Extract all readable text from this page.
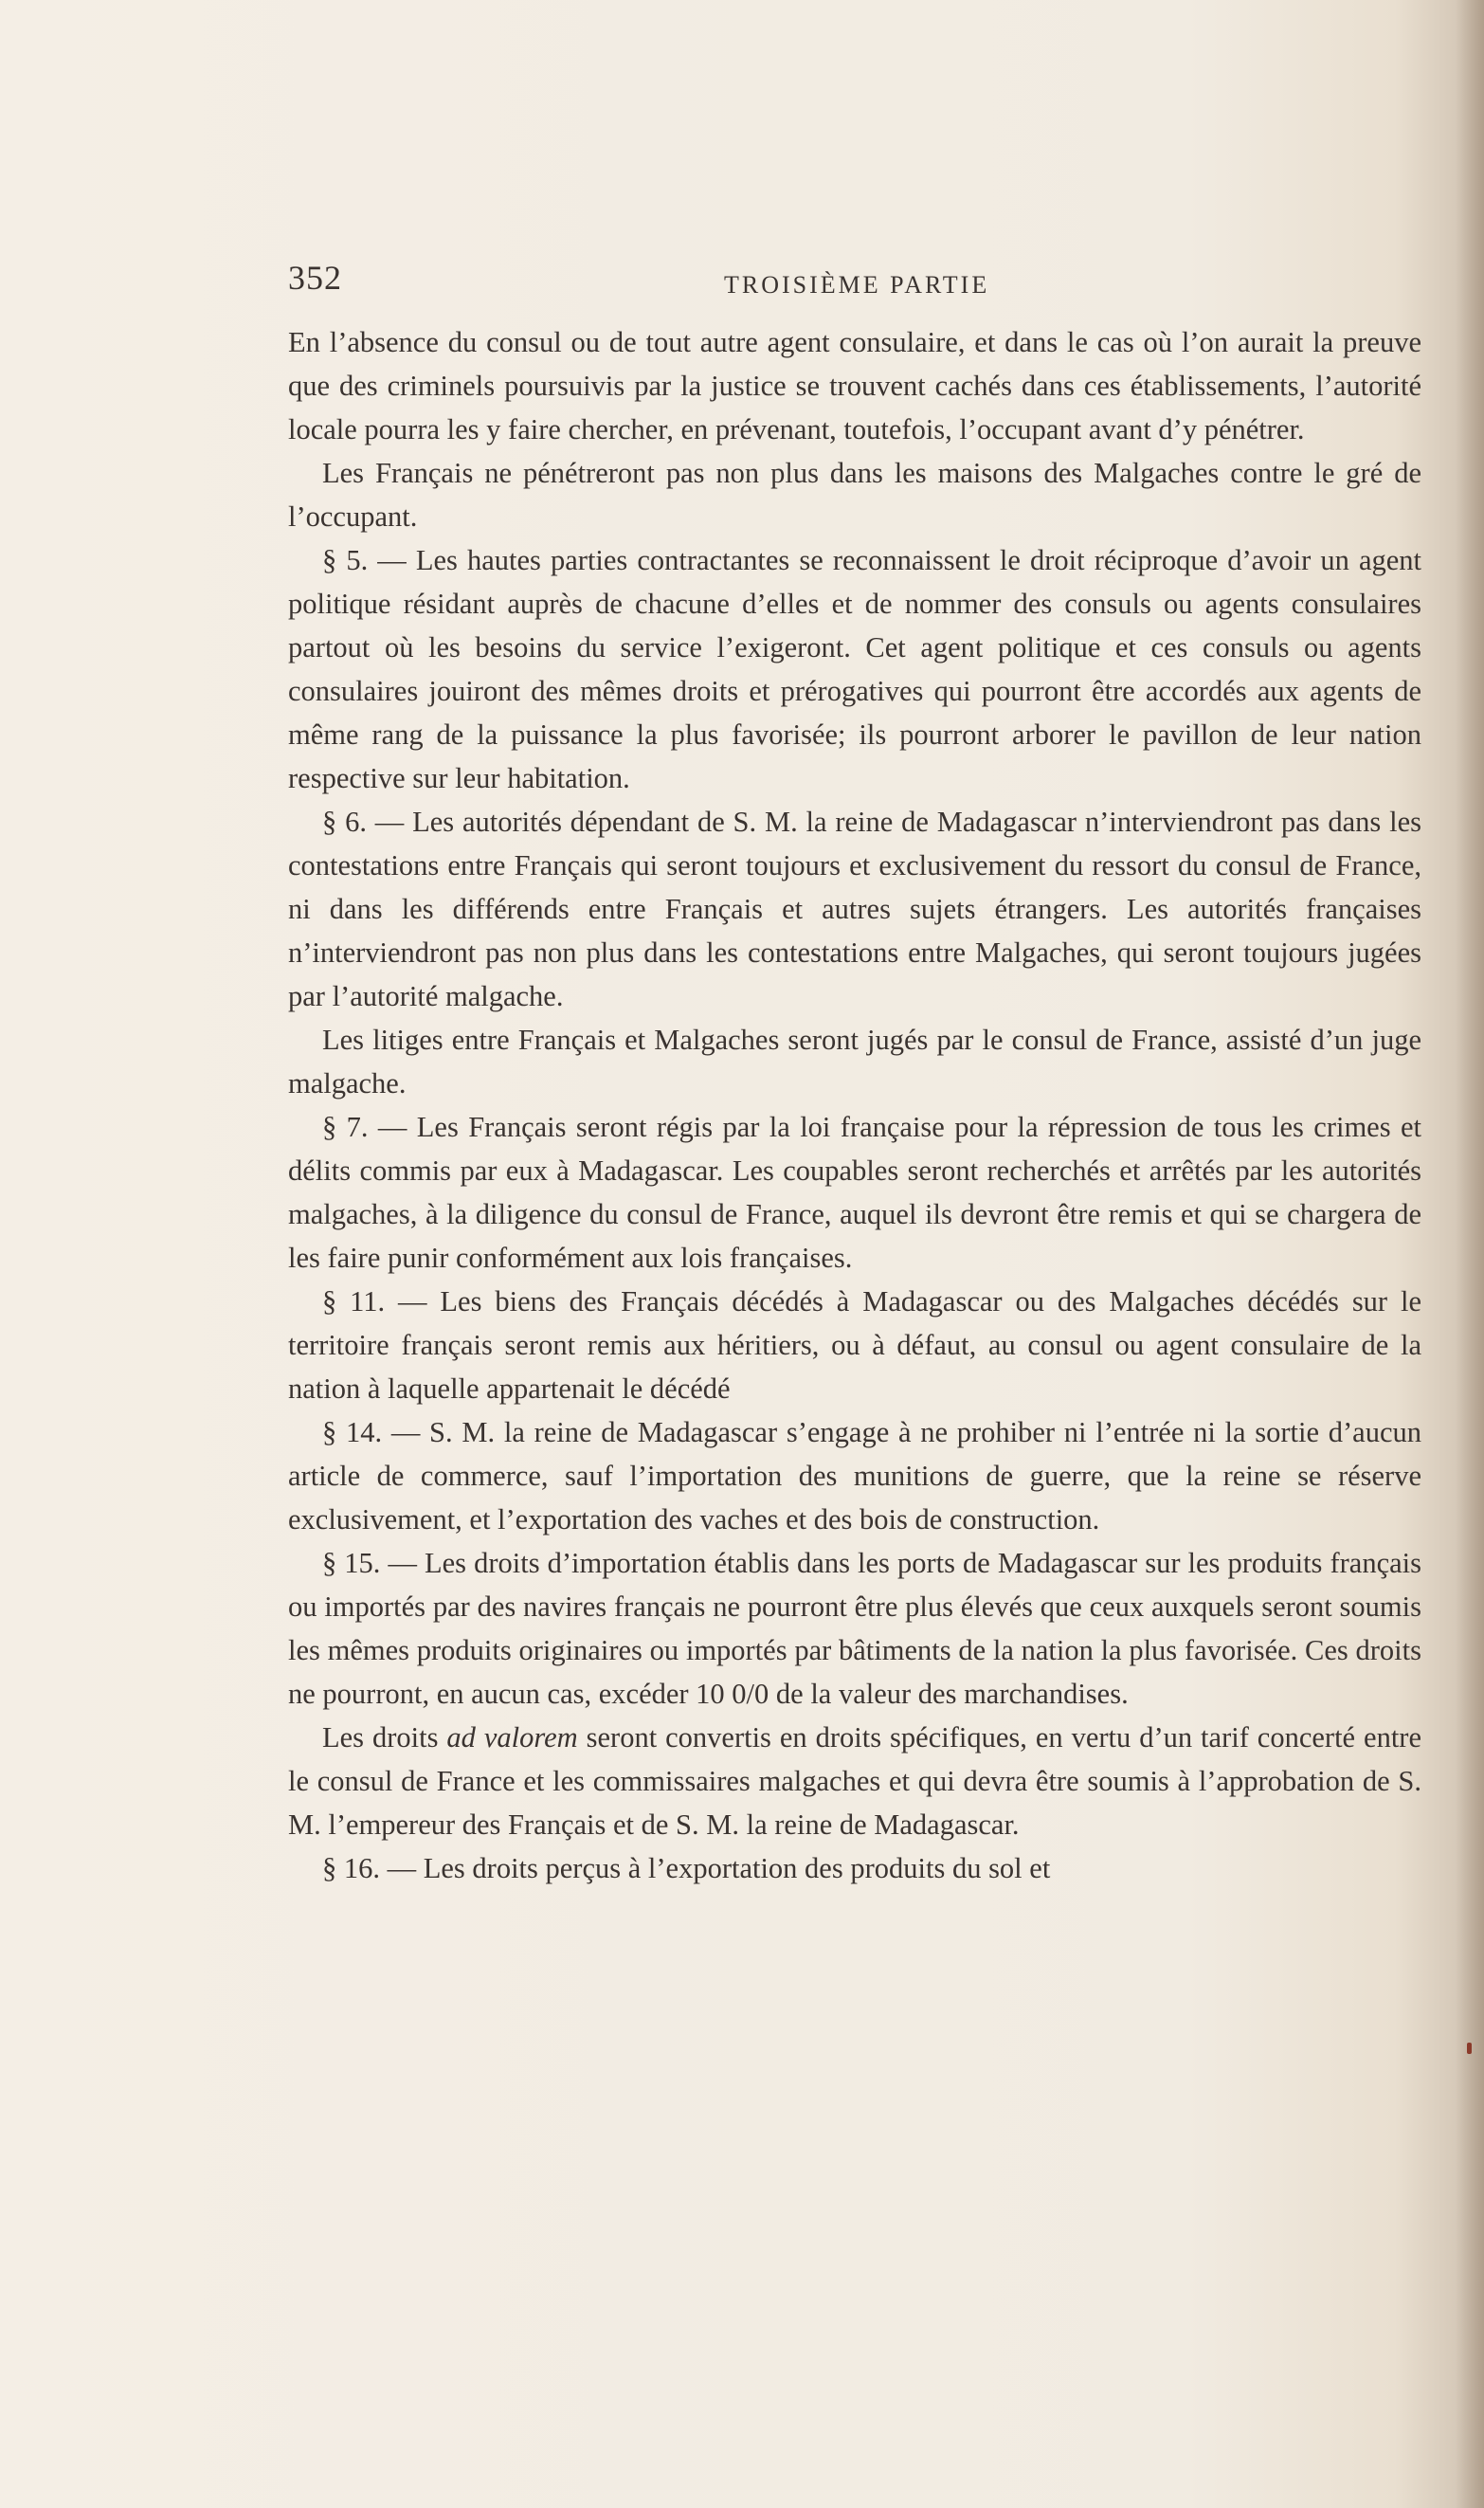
352	TROISIÈME PARTIE

En l’absence du consul ou de tout autre agent consulaire, et dans le cas où l’on aurait la preuve que des criminels poursuivis par la justice se trouvent cachés dans ces établissements, l’autorité locale pourra les y faire chercher, en prévenant, toutefois, l’occupant avant d’y pénétrer.

Les Français ne pénétreront pas non plus dans les maisons des Malgaches contre le gré de l’occupant.

§ 5. — Les hautes parties contractantes se reconnaissent le droit réciproque d’avoir un agent politique résidant auprès de chacune d’elles et de nommer des consuls ou agents consulaires partout où les besoins du service l’exigeront. Cet agent politique et ces consuls ou agents consulaires jouiront des mêmes droits et prérogatives qui pourront être accordés aux agents de même rang de la puissance la plus favorisée; ils pourront arborer le pavillon de leur nation respective sur leur habitation.

§ 6. — Les autorités dépendant de S. M. la reine de Madagascar n’interviendront pas dans les contestations entre Français qui seront toujours et exclusivement du ressort du consul de France, ni dans les différends entre Français et autres sujets étrangers. Les autorités françaises n’interviendront pas non plus dans les contestations entre Malgaches, qui seront toujours jugées par l’autorité malgache.

Les litiges entre Français et Malgaches seront jugés par le consul de France, assisté d’un juge malgache.

§ 7. — Les Français seront régis par la loi française pour la répression de tous les crimes et délits commis par eux à Madagascar. Les coupables seront recherchés et arrêtés par les autorités malgaches, à la diligence du consul de France, auquel ils devront être remis et qui se chargera de les faire punir conformément aux lois françaises.

§ 11. — Les biens des Français décédés à Madagascar ou des Malgaches décédés sur le territoire français seront remis aux héritiers, ou à défaut, au consul ou agent consulaire de la nation à laquelle appartenait le décédé

§ 14. — S. M. la reine de Madagascar s’engage à ne prohiber ni l’entrée ni la sortie d’aucun article de commerce, sauf l’importation des munitions de guerre, que la reine se réserve exclusivement, et l’exportation des vaches et des bois de construction.

§ 15. — Les droits d’importation établis dans les ports de Madagascar sur les produits français ou importés par des navires français ne pourront être plus élevés que ceux auxquels seront soumis les mêmes produits originaires ou importés par bâtiments de la nation la plus favorisée. Ces droits ne pourront, en aucun cas, excéder 10 0/0 de la valeur des marchandises.

Les droits ad valorem seront convertis en droits spécifiques, en vertu d’un tarif concerté entre le consul de France et les commissaires malgaches et qui devra être soumis à l’approbation de S. M. l’empereur des Français et de S. M. la reine de Madagascar.

§ 16. — Les droits perçus à l’exportation des produits du sol et
